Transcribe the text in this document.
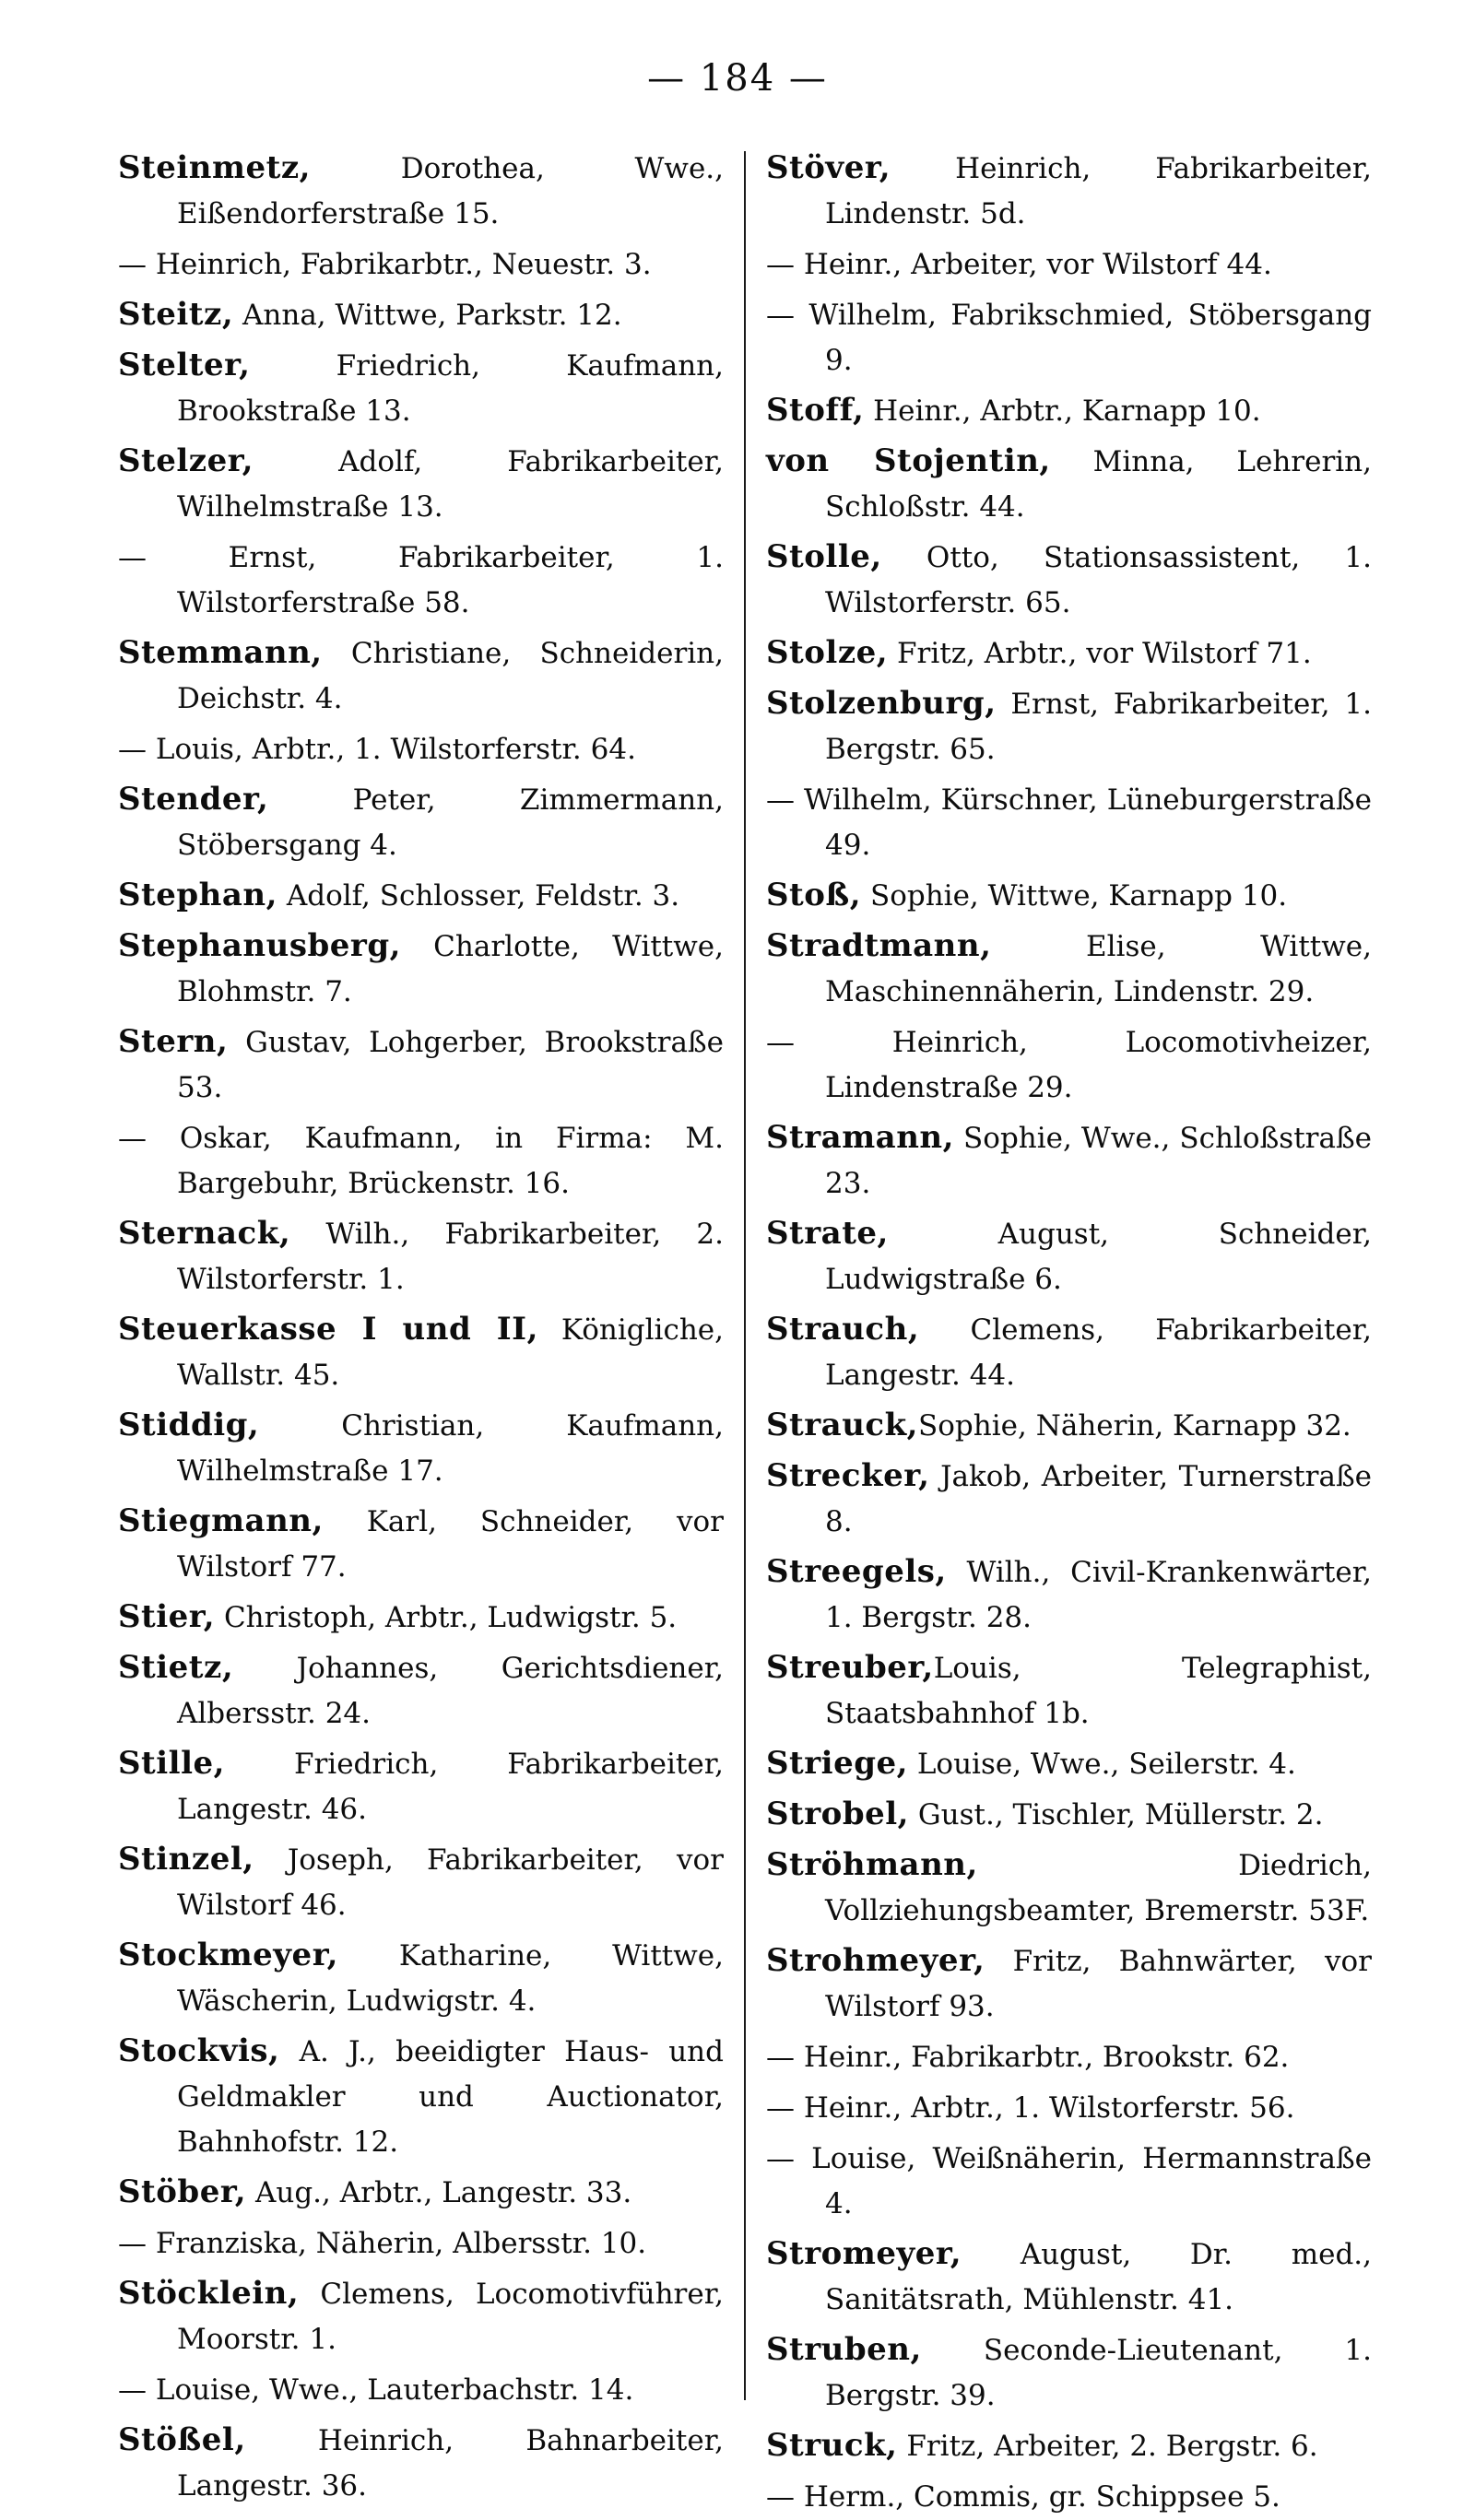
— 184 —

Steinmetz, Dorothea, Wwe., Eißendorferstraße 15.

— Heinrich, Fabrikarbtr., Neuestr. 3.

Steitz, Anna, Wittwe, Parkstr. 12.

Stelter, Friedrich, Kaufmann, Brookstraße 13.

Stelzer, Adolf, Fabrikarbeiter, Wilhelmstraße 13.

— Ernst, Fabrikarbeiter, 1. Wilstorferstraße 58.

Stemmann, Christiane, Schneiderin, Deichstr. 4.

— Louis, Arbtr., 1. Wilstorferstr. 64.

Stender, Peter, Zimmermann, Stöbersgang 4.

Stephan, Adolf, Schlosser, Feldstr. 3.

Stephanusberg, Charlotte, Wittwe, Blohmstr. 7.

Stern, Gustav, Lohgerber, Brookstraße 53.

— Oskar, Kaufmann, in Firma: M. Bargebuhr, Brückenstr. 16.

Sternack, Wilh., Fabrikarbeiter, 2. Wilstorferstr. 1.

Steuerkasse I und II, Königliche, Wallstr. 45.

Stiddig, Christian, Kaufmann, Wilhelmstraße 17.

Stiegmann, Karl, Schneider, vor Wilstorf 77.

Stier, Christoph, Arbtr., Ludwigstr. 5.

Stietz, Johannes, Gerichtsdiener, Albersstr. 24.

Stille, Friedrich, Fabrikarbeiter, Langestr. 46.

Stinzel, Joseph, Fabrikarbeiter, vor Wilstorf 46.

Stockmeyer, Katharine, Wittwe, Wäscherin, Ludwigstr. 4.

Stockvis, A. J., beeidigter Haus- und Geldmakler und Auctionator, Bahnhofstr. 12.

Stöber, Aug., Arbtr., Langestr. 33.

— Franziska, Näherin, Albersstr. 10.

Stöcklein, Clemens, Locomotivführer, Moorstr. 1.

— Louise, Wwe., Lauterbachstr. 14.

Stößel, Heinrich, Bahnarbeiter, Langestr. 36.

Stöver, Heinrich, Fabrikarbeiter, Lindenstr. 5d.

— Heinr., Arbeiter, vor Wilstorf 44.

— Wilhelm, Fabrikschmied, Stöbersgang 9.

Stoff, Heinr., Arbtr., Karnapp 10.

von Stojentin, Minna, Lehrerin, Schloßstr. 44.

Stolle, Otto, Stationsassistent, 1. Wilstorferstr. 65.

Stolze, Fritz, Arbtr., vor Wilstorf 71.

Stolzenburg, Ernst, Fabrikarbeiter, 1. Bergstr. 65.

— Wilhelm, Kürschner, Lüneburgerstraße 49.

Stoß, Sophie, Wittwe, Karnapp 10.

Stradtmann, Elise, Wittwe, Maschinennäherin, Lindenstr. 29.

— Heinrich, Locomotivheizer, Lindenstraße 29.

Stramann, Sophie, Wwe., Schloßstraße 23.

Strate, August, Schneider, Ludwigstraße 6.

Strauch, Clemens, Fabrikarbeiter, Langestr. 44.

Strauck,Sophie, Näherin, Karnapp 32.

Strecker, Jakob, Arbeiter, Turnerstraße 8.

Streegels, Wilh., Civil-Krankenwärter, 1. Bergstr. 28.

Streuber,Louis, Telegraphist, Staatsbahnhof 1b.

Striege, Louise, Wwe., Seilerstr. 4.

Strobel, Gust., Tischler, Müllerstr. 2.

Ströhmann, Diedrich, Vollziehungsbeamter, Bremerstr. 53F.

Strohmeyer, Fritz, Bahnwärter, vor Wilstorf 93.

— Heinr., Fabrikarbtr., Brookstr. 62.

— Heinr., Arbtr., 1. Wilstorferstr. 56.

— Louise, Weißnäherin, Hermannstraße 4.

Stromeyer, August, Dr. med., Sanitätsrath, Mühlenstr. 41.

Struben, Seconde-Lieutenant, 1. Bergstr. 39.

Struck, Fritz, Arbeiter, 2. Bergstr. 6.

— Herm., Commis, gr. Schippsee 5.
